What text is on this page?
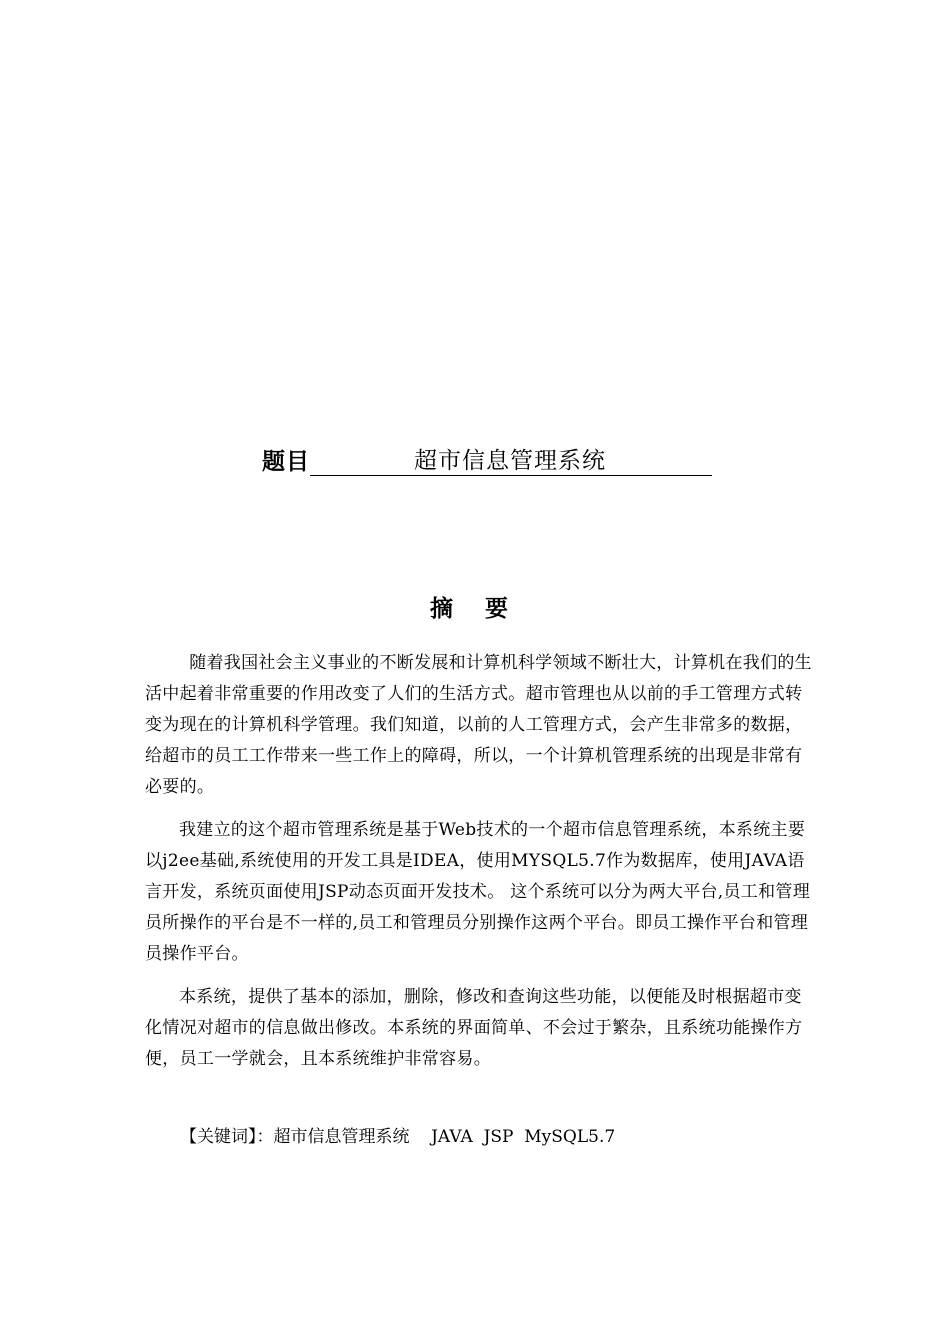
题目	超市信息管理系统
摘 要

随着我国社会主义事业的不断发展和计算机科学领域不断壮大，计算机在我们的生活中起着非常重要的作用改变了人们的生活方式。超市管理也从以前的手工管理方式转变为现在的计算机科学管理。我们知道，以前的人工管理方式，会产生非常多的数据，给超市的员工工作带来一些工作上的障碍，所以，一个计算机管理系统的出现是非常有必要的。

我建立的这个超市管理系统是基于Web技术的一个超市信息管理系统，本系统主要以j2ee基础,系统使用的开发工具是IDEA，使用MYSQL5.7作为数据库，使用JAVA语言开发，系统页面使用JSP动态页面开发技术。 这个系统可以分为两大平台,员工和管理员所操作的平台是不一样的,员工和管理员分别操作这两个平台。即员工操作平台和管理员操作平台。

本系统，提供了基本的添加，删除，修改和查询这些功能，以便能及时根据超市变化情况对超市的信息做出修改。本系统的界面简单、不会过于繁杂，且系统功能操作方便，员工一学就会，且本系统维护非常容易。

【关键词】：超市信息管理系统    JAVA  JSP  MySQL5.7
